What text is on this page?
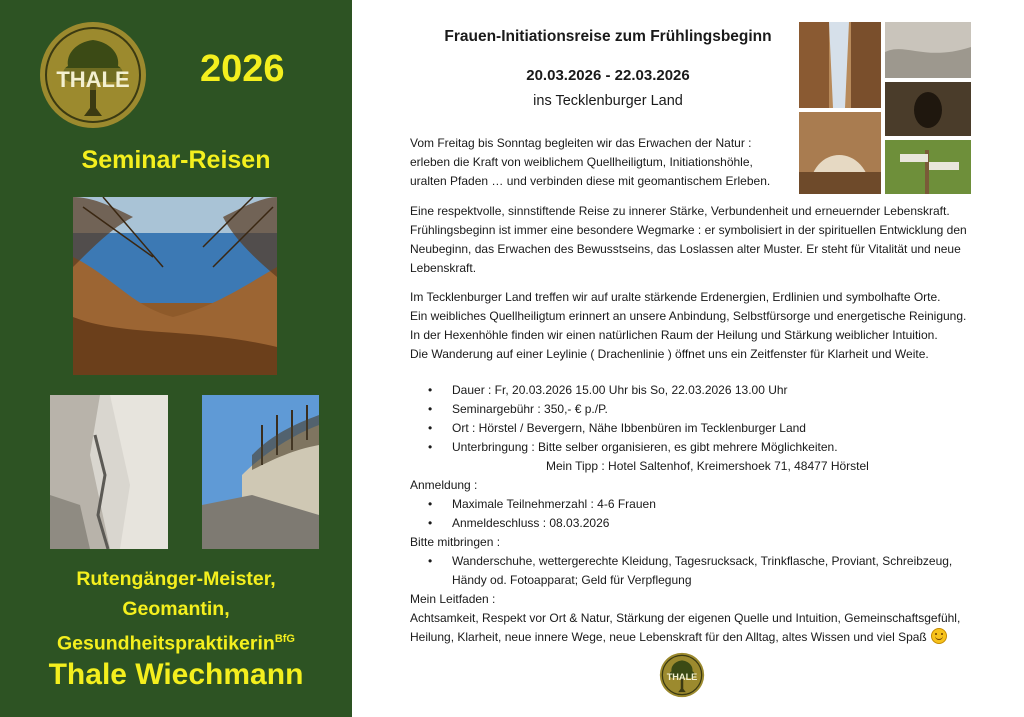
THALE 2026
Seminar-Reisen
Rutengänger-Meister,
Geomantin,
Gesundheitspraktikerin$^{BfG}$
Thale Wiechmann
Frauen-Initiationsreise zum Frühlingsbeginn
20.03.2026 - 22.03.2026
ins Tecklenburger Land

Vom Freitag bis Sonntag begleiten wir das Erwachen der Natur :

erleben die Kraft von weiblichem Quellheiligtum, Initiationshöhle,

uralten Pfaden … und verbinden diese mit geomantischem Erleben.

Eine respektvolle, sinnstiftende Reise zu innerer Stärke, Verbundenheit und erneuernder Lebenskraft.

Frühlingsbeginn ist immer eine besondere Wegmarke : er symbolisiert in der spirituellen Entwicklung den

Neubeginn, das Erwachen des Bewusstseins, das Loslassen alter Muster. Er steht für Vitalität und neue

Lebenskraft.

Im Tecklenburger Land treffen wir auf uralte stärkende Erdenergien, Erdlinien und symbolhafte Orte.

Ein weibliches Quellheiligtum erinnert an unsere Anbindung, Selbstfürsorge und energetische Reinigung.

In der Hexenhöhle finden wir einen natürlichen Raum der Heilung und Stärkung weiblicher Intuition.

Die Wanderung auf einer Leylinie ( Drachenlinie ) öffnet uns ein Zeitfenster für Klarheit und Weite.

• Dauer : Fr, 20.03.2026 15.00 Uhr bis So, 22.03.2026 13.00 Uhr

• Seminargebühr : 350,- € p./P.

• Ort : Hörstel / Bevergern, Nähe Ibbenbüren im Tecklenburger Land

• Unterbringung : Bitte selber organisieren, es gibt mehrere Möglichkeiten.

Mein Tipp : Hotel Saltenhof, Kreimershoek 71, 48477 Hörstel

Anmeldung :

• Maximale Teilnehmerzahl : 4-6 Frauen

• Anmeldeschluss : 08.03.2026

Bitte mitbringen :

• Wanderschuhe, wettergerechte Kleidung, Tagesrucksack, Trinkflasche, Proviant, Schreibzeug,

Händy od. Fotoapparat; Geld für Verpflegung

Mein Leitfaden :

Achtsamkeit, Respekt vor Ort & Natur, Stärkung der eigenen Quelle und Intuition, Gemeinschaftsgefühl,

Heilung, Klarheit, neue innere Wege, neue Lebenskraft für den Alltag, altes Wissen und viel Spaß

THALE
